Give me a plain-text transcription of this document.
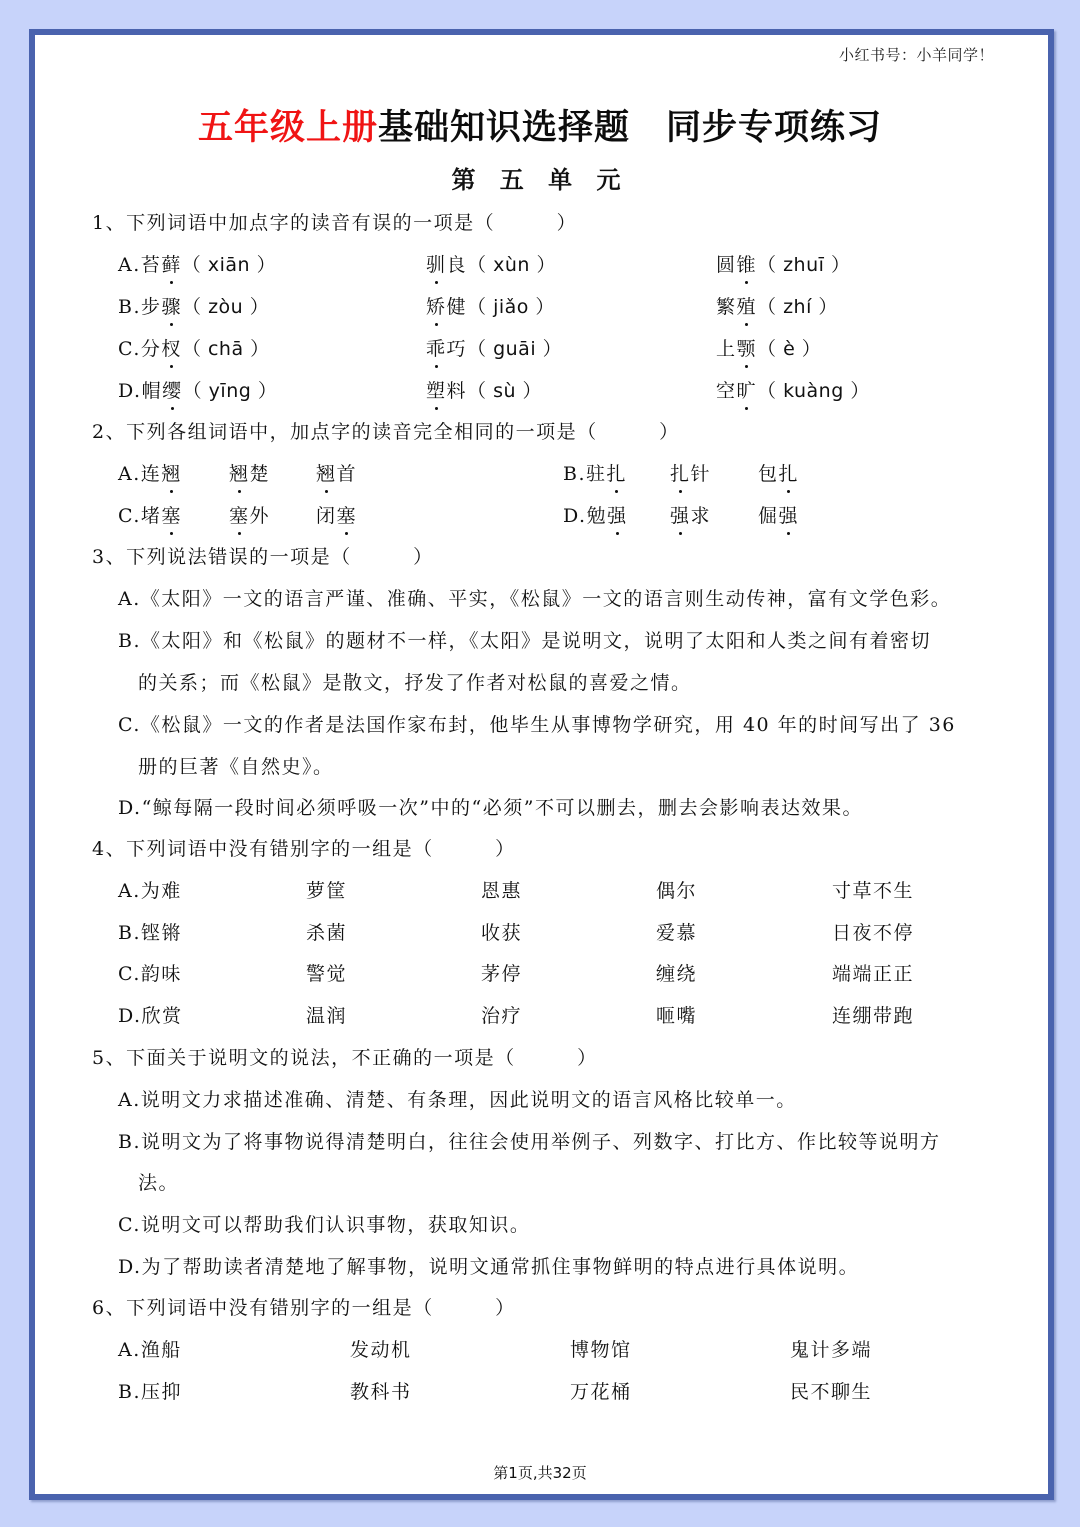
小红书号：小羊同学！
五年级上册基础知识选择题　同步专项练习
第 五 单 元
1、下列词语中加点字的读音有误的一项是（　　　）
A.苔藓（ xiān ）	驯良（ xùn ）	圆锥（ zhuī ）
B.步骤（ zòu ）	矫健（ jiǎo ）	繁殖（ zhí ）
C.分杈（ chā ）	乖巧（ guāi ）	上颚（ è ）
D.帽缨（ yīng ）	塑料（ sù ）	空旷（ kuàng ）
2、下列各组词语中，加点字的读音完全相同的一项是（　　　）
A.连翘 翘楚 翘首	B.驻扎 扎针 包扎
C.堵塞 塞外 闭塞	D.勉强 强求 倔强
3、下列说法错误的一项是（　　　）
A.《太阳》一文的语言严谨、准确、平实，《松鼠》一文的语言则生动传神，富有文学色彩。
B.《太阳》和《松鼠》的题材不一样，《太阳》是说明文，说明了太阳和人类之间有着密切
的关系；而《松鼠》是散文，抒发了作者对松鼠的喜爱之情。
C.《松鼠》一文的作者是法国作家布封，他毕生从事博物学研究，用 40 年的时间写出了 36
册的巨著《自然史》。
D.“鲸每隔一段时间必须呼吸一次”中的“必须”不可以删去，删去会影响表达效果。
4、下列词语中没有错别字的一组是（　　　）
A.为难	萝筐	恩惠	偶尔	寸草不生
B.铿锵	杀菌	收获	爱慕	日夜不停
C.韵味	警觉	茅停	缠绕	端端正正
D.欣赏	温润	治疗	咂嘴	连绷带跑
5、下面关于说明文的说法，不正确的一项是（　　　）
A.说明文力求描述准确、清楚、有条理，因此说明文的语言风格比较单一。
B.说明文为了将事物说得清楚明白，往往会使用举例子、列数字、打比方、作比较等说明方
法。
C.说明文可以帮助我们认识事物，获取知识。
D.为了帮助读者清楚地了解事物，说明文通常抓住事物鲜明的特点进行具体说明。
6、下列词语中没有错别字的一组是（　　　）
A.渔船	发动机	博物馆	鬼计多端
B.压抑	教科书	万花桶	民不聊生
第1页,共32页
